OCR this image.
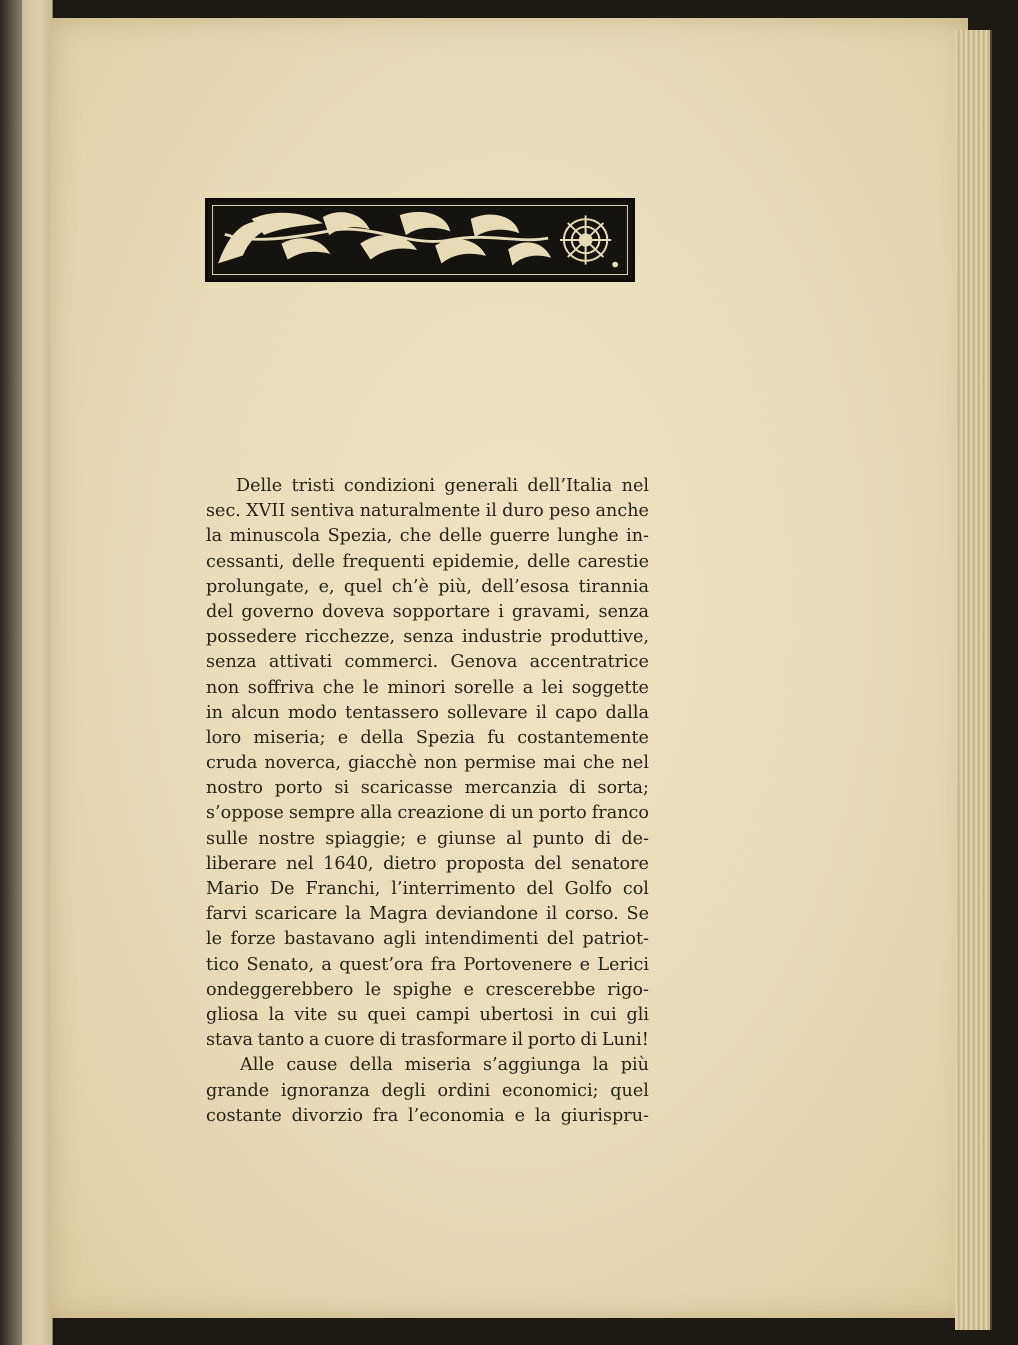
Delle tristi condizioni generali dell’Italia nel
sec. XVII sentiva naturalmente il duro peso anche
la minuscola Spezia, che delle guerre lunghe in-
cessanti, delle frequenti epidemie, delle carestie
prolungate, e, quel ch’è più, dell’esosa tirannia
del governo doveva sopportare i gravami, senza
possedere ricchezze, senza industrie produttive,
senza attivati commerci. Genova accentratrice
non soffriva che le minori sorelle a lei soggette
in alcun modo tentassero sollevare il capo dalla
loro miseria; e della Spezia fu costantemente
cruda noverca, giacchè non permise mai che nel
nostro porto si scaricasse mercanzia di sorta;
s’oppose sempre alla creazione di un porto franco
sulle nostre spiaggie; e giunse al punto di de-
liberare nel 1640, dietro proposta del senatore
Mario De Franchi, l’interrimento del Golfo col
farvi scaricare la Magra deviandone il corso. Se
le forze bastavano agli intendimenti del patriot-
tico Senato, a quest’ora fra Portovenere e Lerici
ondeggerebbero le spighe e crescerebbe rigo-
gliosa la vite su quei campi ubertosi in cui gli
stava tanto a cuore di trasformare il porto di Luni!
Alle cause della miseria s’aggiunga la più
grande ignoranza degli ordini economici; quel
costante divorzio fra l’economia e la giurispru-
